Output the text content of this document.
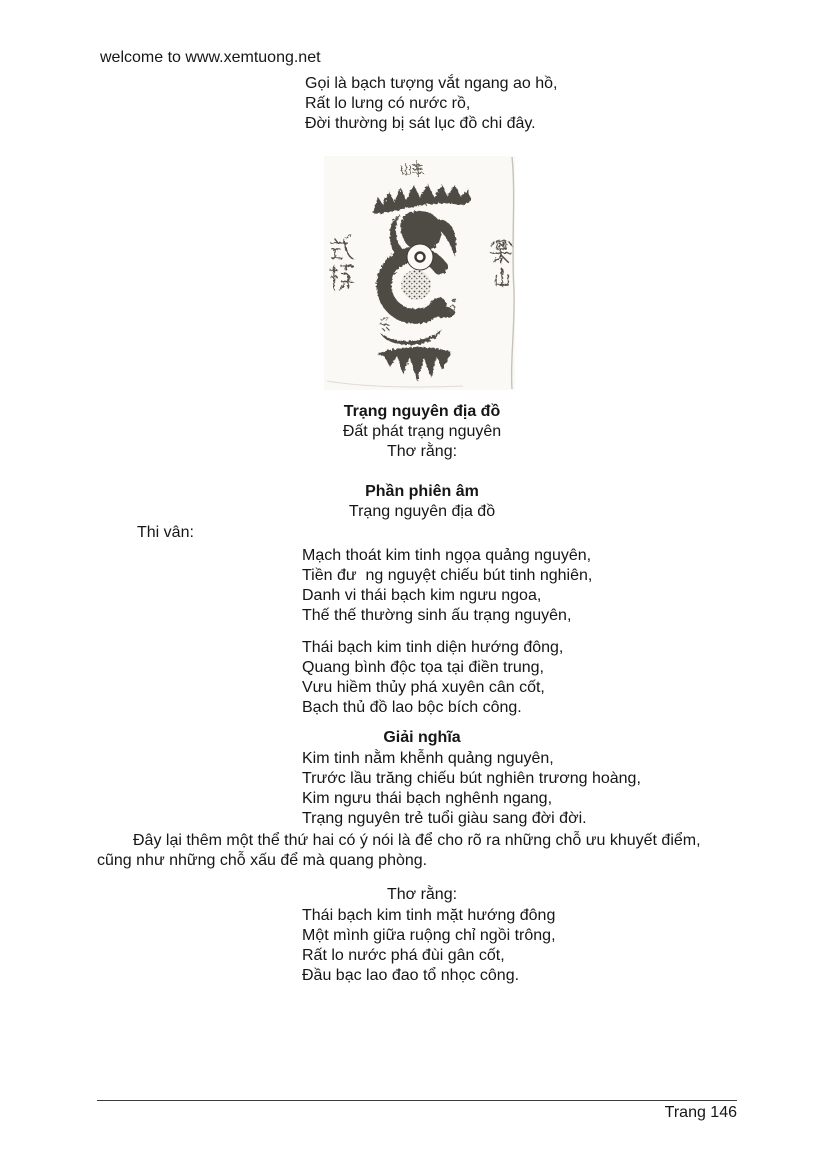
welcome to www.xemtuong.net
Gọi là bạch tượng vắt ngang ao hồ,
Rất lo lưng có nước rồ,
Đời thường bị sát lục đồ chi đây.
Trạng nguyên địa đồ
Đất phát trạng nguyên
Thơ rằng:
Phần phiên âm
Trạng nguyên địa đồ
Thi vân:
Mạch thoát kim tinh ngọa quảng nguyên,
Tiền đư  ng nguyệt chiếu bút tinh nghiên,
Danh vi thái bạch kim ngưu ngoa,
Thế thế thường sinh ấu trạng nguyên,
Thái bạch kim tinh diện hướng đông,
Quang bình độc tọa tại điền trung,
Vưu hiềm thủy phá xuyên cân cốt,
Bạch thủ đồ lao bộc bích công.
Giải nghĩa
Kim tinh nằm khễnh quảng nguyên,
Trước lầu trăng chiếu bút nghiên trương hoàng,
Kim ngưu thái bạch nghênh ngang,
Trạng nguyên trẻ tuổi giàu sang đời đời.
Đây lại thêm một thể thứ hai có ý nói là để cho rõ ra những chỗ ưu khuyết điểm,
cũng như những chỗ xấu để mà quang phòng.
Thơ rằng:
Thái bạch kim tinh mặt hướng đông
Một mình giữa ruộng chỉ ngồi trông,
Rất lo nước phá đùi gân cốt,
Đầu bạc lao đao tổ nhọc công.
Trang 146
